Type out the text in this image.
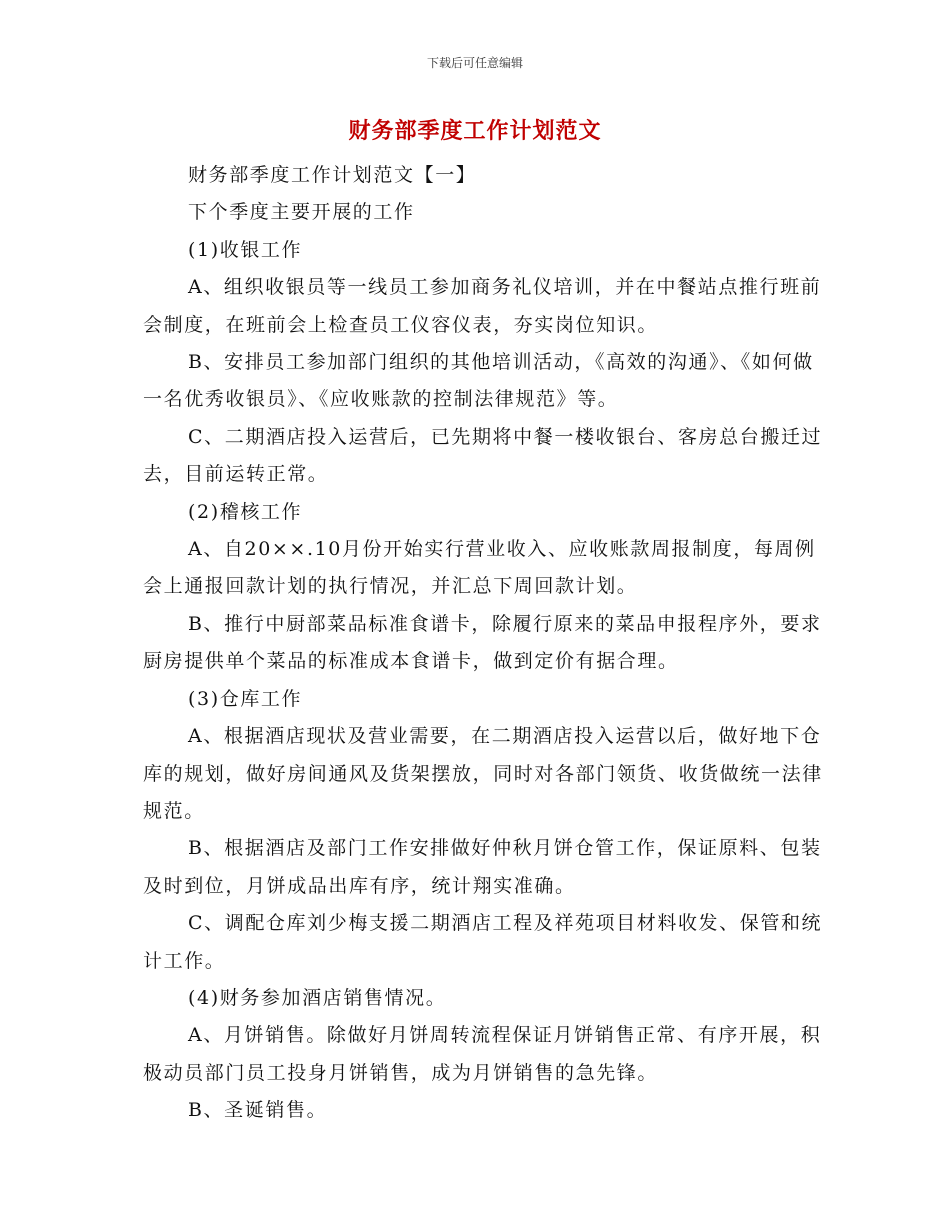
下载后可任意编辑
财务部季度工作计划范文

财务部季度工作计划范文【一】

下个季度主要开展的工作

(1)收银工作

A、组织收银员等一线员工参加商务礼仪培训，并在中餐站点推行班前会制度，在班前会上检查员工仪容仪表，夯实岗位知识。

B、安排员工参加部门组织的其他培训活动，《高效的沟通》、《如何做一名优秀收银员》、《应收账款的控制法律规范》等。

C、二期酒店投入运营后，已先期将中餐一楼收银台、客房总台搬迁过去，目前运转正常。

(2)稽核工作

A、自20××.10月份开始实行营业收入、应收账款周报制度，每周例会上通报回款计划的执行情况，并汇总下周回款计划。

B、推行中厨部菜品标准食谱卡，除履行原来的菜品申报程序外，要求厨房提供单个菜品的标准成本食谱卡，做到定价有据合理。

(3)仓库工作

A、根据酒店现状及营业需要，在二期酒店投入运营以后，做好地下仓库的规划，做好房间通风及货架摆放，同时对各部门领货、收货做统一法律规范。

B、根据酒店及部门工作安排做好仲秋月饼仓管工作，保证原料、包装及时到位，月饼成品出库有序，统计翔实准确。

C、调配仓库刘少梅支援二期酒店工程及祥苑项目材料收发、保管和统计工作。

(4)财务参加酒店销售情况。

A、月饼销售。除做好月饼周转流程保证月饼销售正常、有序开展，积极动员部门员工投身月饼销售，成为月饼销售的急先锋。

B、圣诞销售。
